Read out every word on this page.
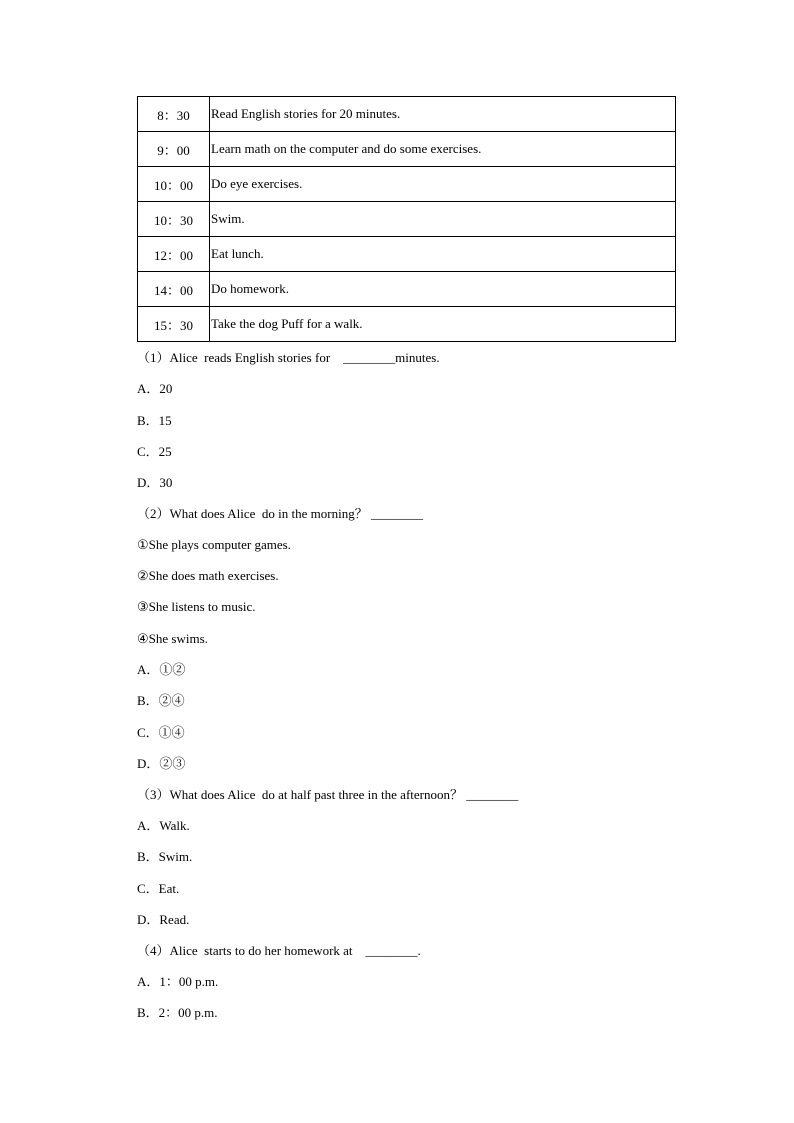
8：30	Read English stories for 20 minutes.
9：00	Learn math on the computer and do some exercises.
10：00	Do eye exercises.
10：30	Swim.
12：00	Eat lunch.
14：00	Do homework.
15：30	Take the dog Puff for a walk.
（1）Alice  reads English stories for    ________minutes.
A．20
B．15
C．25
D．30
（2）What does Alice  do in the morning？ ________
①She plays computer games.
②She does math exercises.
③She listens to music.
④She swims.
A．①②
B．②④
C．①④
D．②③
（3）What does Alice  do at half past three in the afternoon？ ________
A．Walk.
B．Swim.
C．Eat.
D．Read.
（4）Alice  starts to do her homework at    ________.
A．1：00 p.m.
B．2：00 p.m.
